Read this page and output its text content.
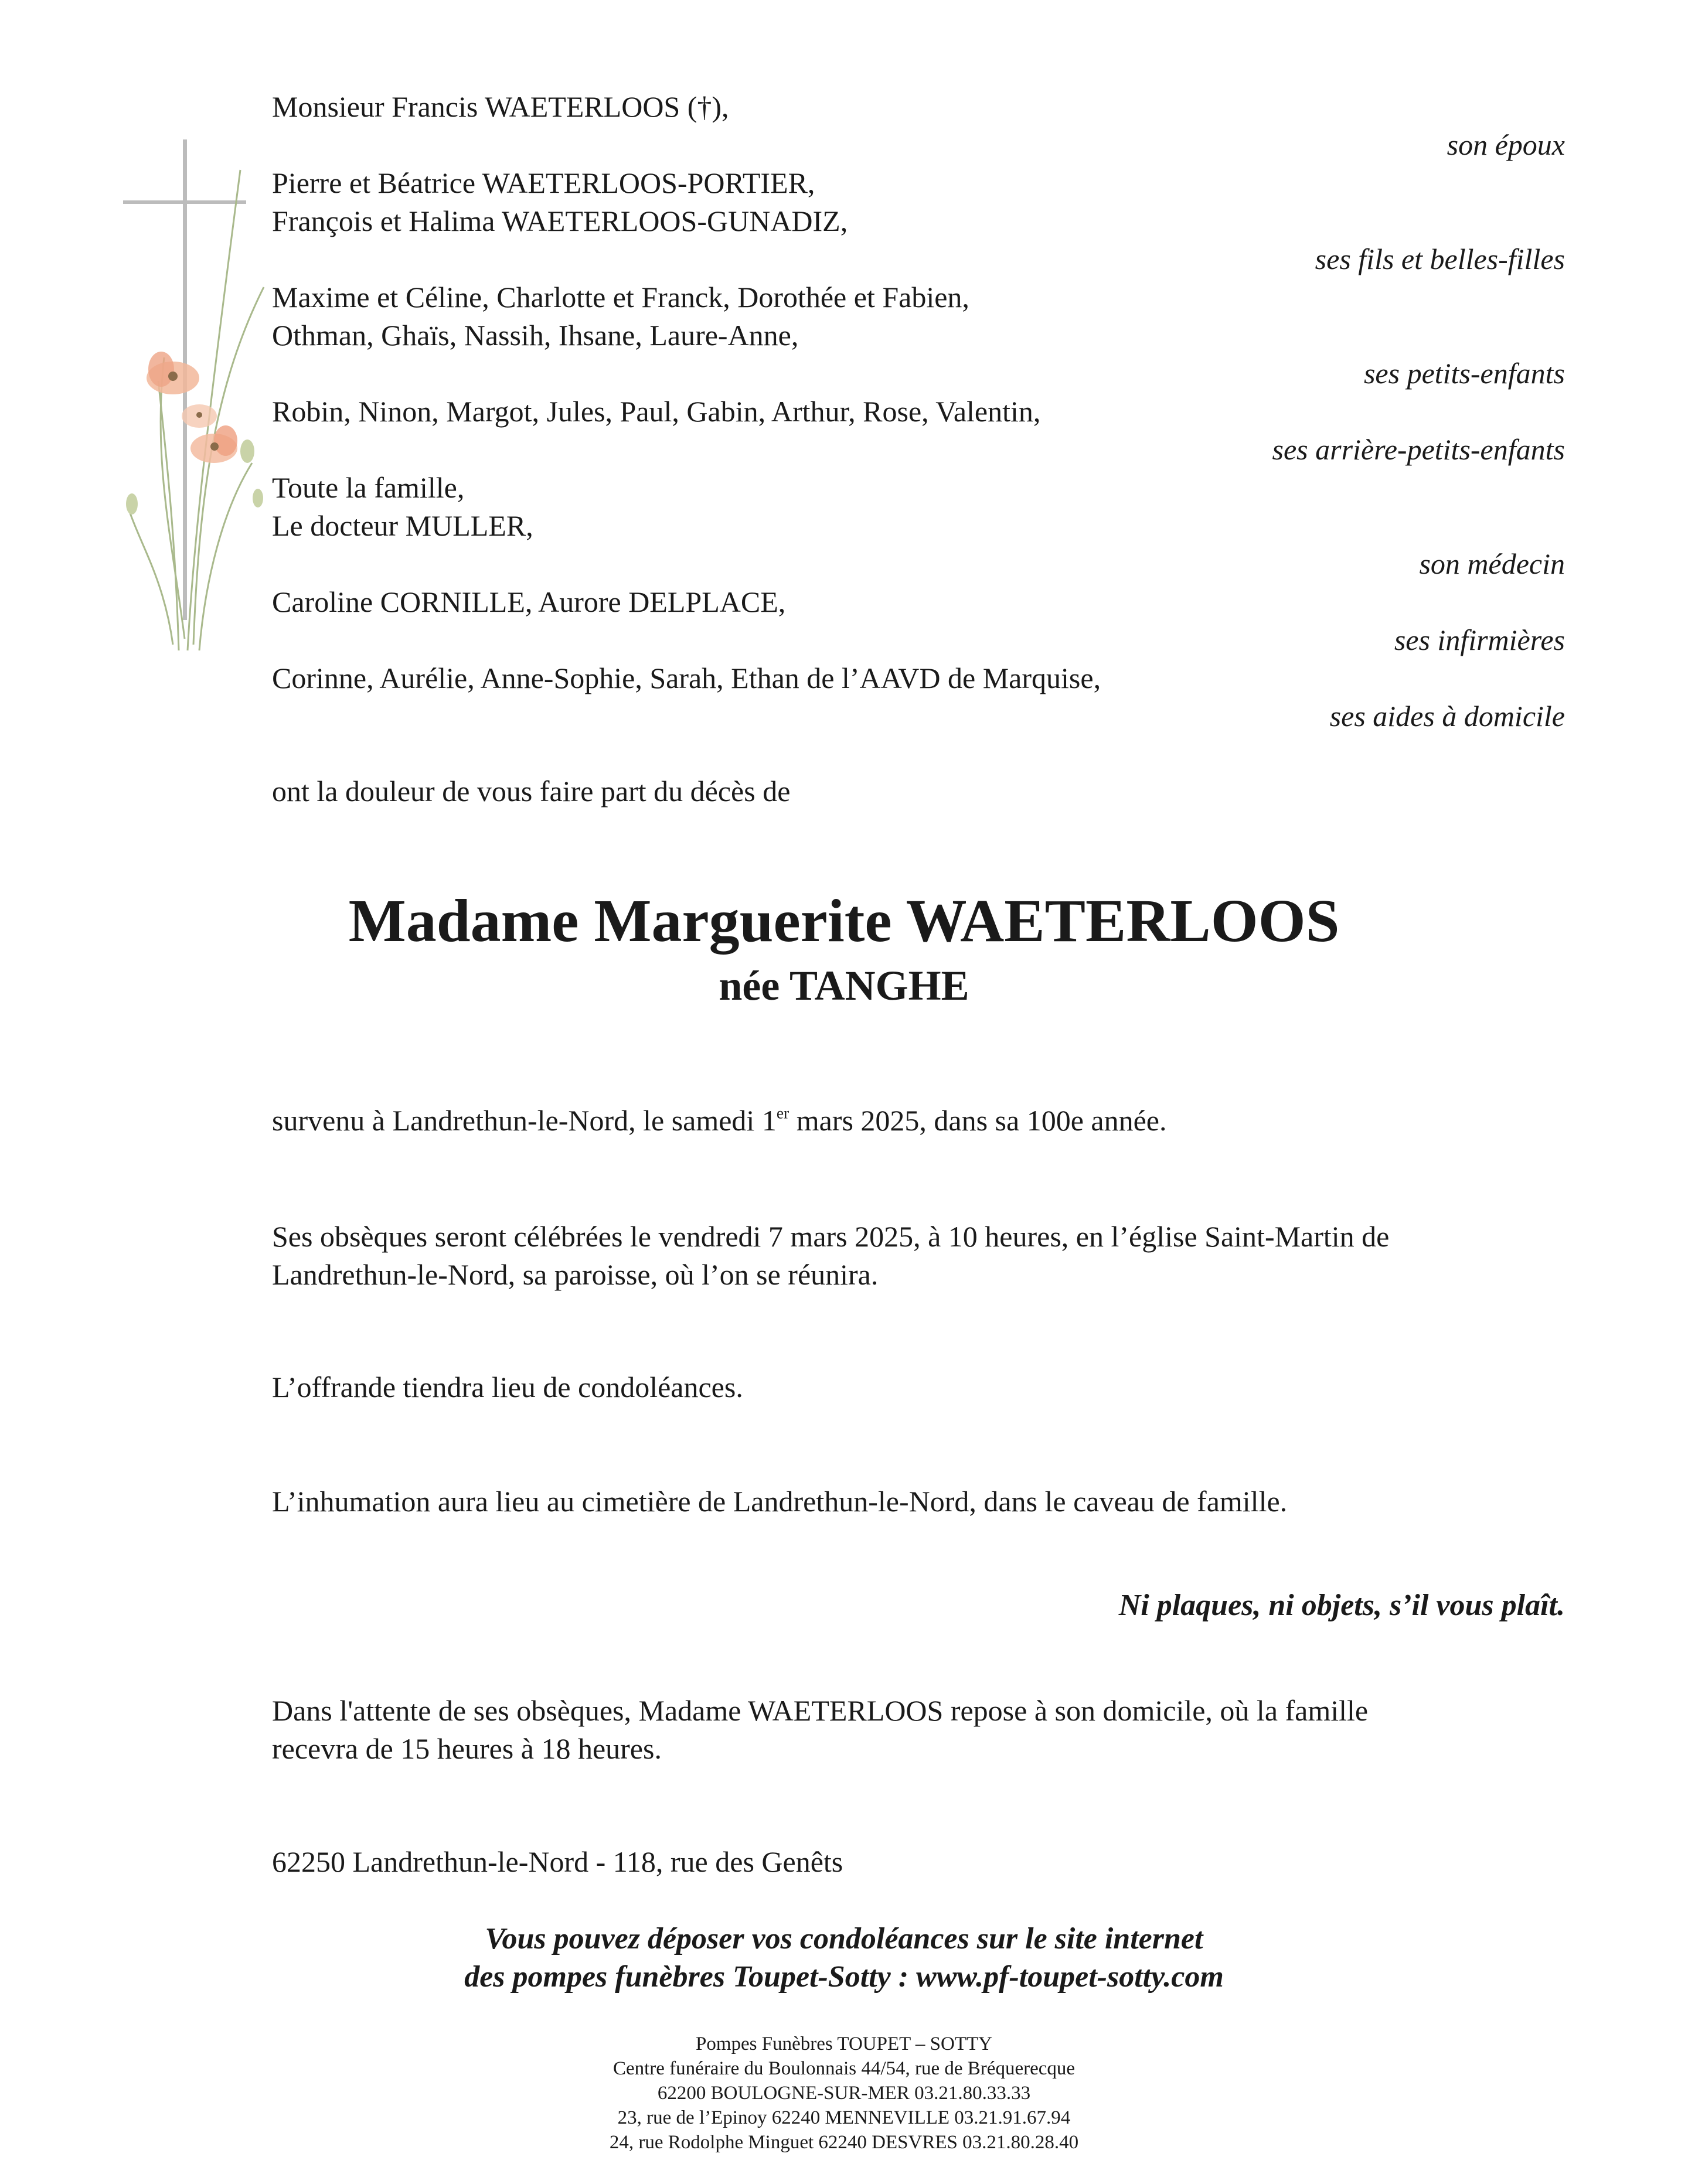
Monsieur Francis WAETERLOOS (†),
son époux
Pierre et Béatrice WAETERLOOS-PORTIER,
François et Halima WAETERLOOS-GUNADIZ,
ses fils et belles-filles
Maxime et Céline, Charlotte et Franck, Dorothée et Fabien,
Othman, Ghaïs, Nassih, Ihsane, Laure-Anne,
ses petits-enfants
Robin, Ninon, Margot, Jules, Paul, Gabin, Arthur, Rose, Valentin,
ses arrière-petits-enfants
Toute la famille,
Le docteur MULLER,
son médecin
Caroline CORNILLE, Aurore DELPLACE,
ses infirmières
Corinne, Aurélie, Anne-Sophie, Sarah, Ethan de l’AAVD de Marquise,
ses aides à domicile
ont la douleur de vous faire part du décès de
Madame Marguerite WAETERLOOS
née TANGHE
survenu à Landrethun-le-Nord, le samedi 1er mars 2025, dans sa 100e année.
Ses obsèques seront célébrées le vendredi 7 mars 2025, à 10 heures, en l’église Saint-Martin de
Landrethun-le-Nord, sa paroisse, où l’on se réunira.
L’offrande tiendra lieu de condoléances.
L’inhumation aura lieu au cimetière de Landrethun-le-Nord, dans le caveau de famille.
Ni plaques, ni objets, s’il vous plaît.
Dans l'attente de ses obsèques, Madame WAETERLOOS repose à son domicile, où la famille
recevra de 15 heures à 18 heures.
62250 Landrethun-le-Nord - 118, rue des Genêts
Vous pouvez déposer vos condoléances sur le site internet
des pompes funèbres Toupet-Sotty : www.pf-toupet-sotty.com
Pompes Funèbres TOUPET – SOTTY
Centre funéraire du Boulonnais 44/54, rue de Bréquerecque
62200 BOULOGNE-SUR-MER 03.21.80.33.33
23, rue de l’Epinoy 62240 MENNEVILLE 03.21.91.67.94
24, rue Rodolphe Minguet 62240 DESVRES 03.21.80.28.40
